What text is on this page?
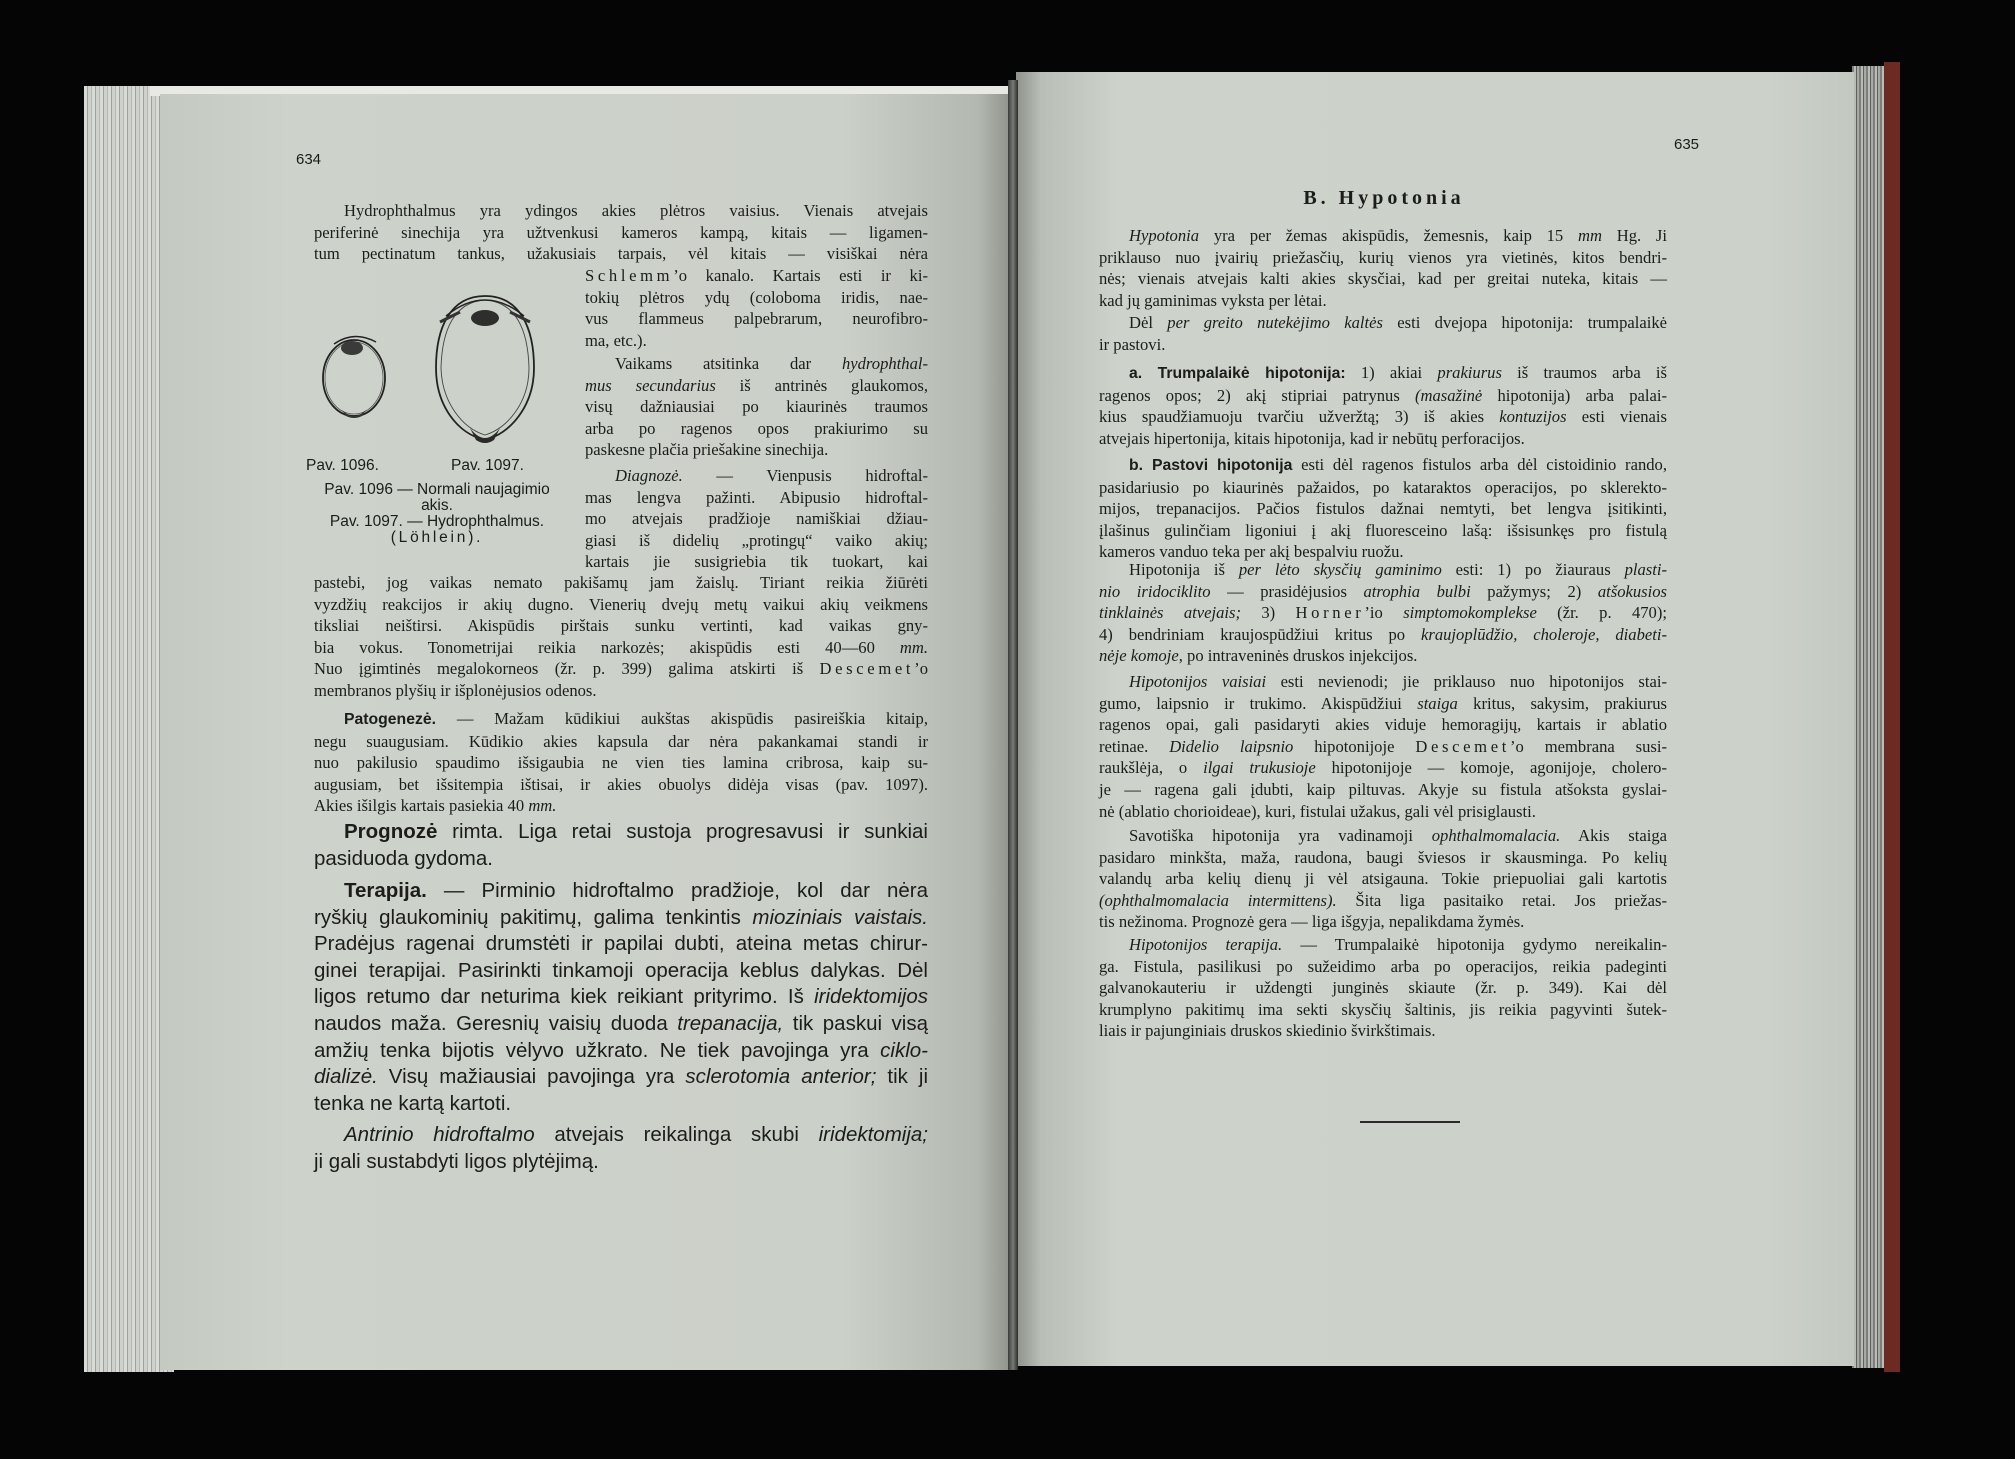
634
Hydrophthalmus yra ydingos akies plėtros vaisius. Vienais atvejais
periferinė sinechija yra užtvenkusi kameros kampą, kitais — ligamen-
tum pectinatum tankus, užakusiais tarpais, vėl kitais — visiškai nėra
Schlemm’o kanalo. Kartais esti ir ki-
tokių plėtros ydų (coloboma iridis, nae-
vus flammeus palpebrarum, neurofibro-
ma, etc.).
Vaikams atsitinka dar hydrophthal-
mus secundarius iš antrinės glaukomos,
visų dažniausiai po kiaurinės traumos
arba po ragenos opos prakiurimo su
paskesne plačia priešakine sinechija.
Diagnozė. — Vienpusis hidroftal-
mas lengva pažinti. Abipusio hidroftal-
mo atvejais pradžioje namiškiai džiau-
giasi iš didelių „protingų“ vaiko akių;
kartais jie susigriebia tik tuokart, kai
pastebi, jog vaikas nemato pakišamų jam žaislų. Tiriant reikia žiūrėti
vyzdžių reakcijos ir akių dugno. Vienerių dvejų metų vaikui akių veikmens
tiksliai neištirsi. Akispūdis pirštais sunku vertinti, kad vaikas gny-
bia vokus. Tonometrijai reikia narkozės; akispūdis esti 40—60 mm.
Nuo įgimtinės megalokorneos (žr. p. 399) galima atskirti iš Descemet’o
membranos plyšių ir išplonėjusios odenos.
Patogenezė. — Mažam kūdikiui aukštas akispūdis pasireiškia kitaip,
negu suaugusiam. Kūdikio akies kapsula dar nėra pakankamai standi ir
nuo pakilusio spaudimo išsigaubia ne vien ties lamina cribrosa, kaip su-
augusiam, bet išsitempia ištisai, ir akies obuolys didėja visas (pav. 1097).
Akies išilgis kartais pasiekia 40 mm.
Prognozė rimta. Liga retai sustoja progresavusi ir sunkiai
pasiduoda gydoma.
Terapija. — Pirminio hidroftalmo pradžioje, kol dar nėra
ryškių glaukominių pakitimų, galima tenkintis mioziniais vaistais.
Pradėjus ragenai drumstėti ir papilai dubti, ateina metas chirur-
ginei terapijai. Pasirinkti tinkamoji operacija keblus dalykas. Dėl
ligos retumo dar neturima kiek reikiant prityrimo. Iš iridektomijos
naudos maža. Geresnių vaisių duoda trepanacija, tik paskui visą
amžių tenka bijotis vėlyvo užkrato. Ne tiek pavojinga yra ciklo-
dializė. Visų mažiausiai pavojinga yra sclerotomia anterior; tik ji
tenka ne kartą kartoti.
Antrinio hidroftalmo atvejais reikalinga skubi iridektomija;
ji gali sustabdyti ligos plytėjimą.
Pav. 1096.	Pav. 1097.
Pav. 1096 — Normali naujagimio
akis.
Pav. 1097. — Hydrophthalmus.
(Löhlein).
635
B. Hypotonia
Hypotonia yra per žemas akispūdis, žemesnis, kaip 15 mm Hg. Ji
priklauso nuo įvairių priežasčių, kurių vienos yra vietinės, kitos bendri-
nės; vienais atvejais kalti akies skysčiai, kad per greitai nuteka, kitais —
kad jų gaminimas vyksta per lėtai.
Dėl per greito nutekėjimo kaltės esti dvejopa hipotonija: trumpalaikė
ir pastovi.
a. Trumpalaikė hipotonija: 1) akiai prakiurus iš traumos arba iš
ragenos opos; 2) akį stipriai patrynus (masažinė hipotonija) arba palai-
kius spaudžiamuoju tvarčiu užveržtą; 3) iš akies kontuzijos esti vienais
atvejais hipertonija, kitais hipotonija, kad ir nebūtų perforacijos.
b. Pastovi hipotonija esti dėl ragenos fistulos arba dėl cistoidinio rando,
pasidariusio po kiaurinės pažaidos, po kataraktos operacijos, po sklerekto-
mijos, trepanacijos. Pačios fistulos dažnai nemtyti, bet lengva įsitikinti,
įlašinus gulinčiam ligoniui į akį fluoresceino lašą: išsisunkęs pro fistulą
kameros vanduo teka per akį bespalviu ruožu.
Hipotonija iš per lėto skysčių gaminimo esti: 1) po žiauraus plasti-
nio iridociklito — prasidėjusios atrophia bulbi pažymys; 2) atšokusios
tinklainės atvejais; 3) Horner’io simptomokomplekse (žr. p. 470);
4) bendriniam kraujospūdžiui kritus po kraujoplūdžio, choleroje, diabeti-
nėje komoje, po intraveninės druskos injekcijos.
Hipotonijos vaisiai esti nevienodi; jie priklauso nuo hipotonijos stai-
gumo, laipsnio ir trukimo. Akispūdžiui staiga kritus, sakysim, prakiurus
ragenos opai, gali pasidaryti akies viduje hemoragijų, kartais ir ablatio
retinae. Didelio laipsnio hipotonijoje Descemet’o membrana susi-
raukšlėja, o ilgai trukusioje hipotonijoje — komoje, agonijoje, cholero-
je — ragena gali įdubti, kaip piltuvas. Akyje su fistula atšoksta gyslai-
nė (ablatio chorioideae), kuri, fistulai užakus, gali vėl prisiglausti.
Savotiška hipotonija yra vadinamoji ophthalmomalacia. Akis staiga
pasidaro minkšta, maža, raudona, baugi šviesos ir skausminga. Po kelių
valandų arba kelių dienų ji vėl atsigauna. Tokie priepuoliai gali kartotis
(ophthalmomalacia intermittens). Šita liga pasitaiko retai. Jos priežas-
tis nežinoma. Prognozė gera — liga išgyja, nepalikdama žymės.
Hipotonijos terapija. — Trumpalaikė hipotonija gydymo nereikalin-
ga. Fistula, pasilikusi po sužeidimo arba po operacijos, reikia padeginti
galvanokauteriu ir uždengti junginės skiaute (žr. p. 349). Kai dėl
krumplyno pakitimų ima sekti skysčių šaltinis, jis reikia pagyvinti šutek-
liais ir pajunginiais druskos skiedinio švirkštimais.
